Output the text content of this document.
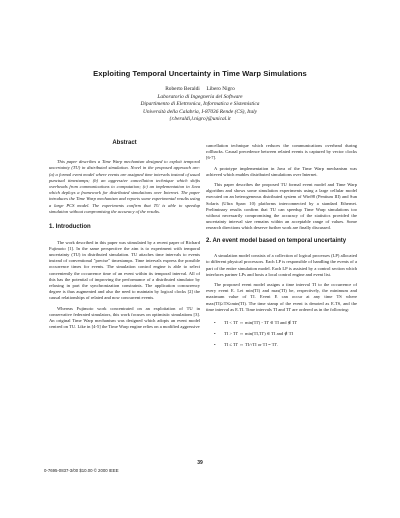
Exploiting Temporal Uncertainty in Time Warp Simulations
Roberto Beraldi     Libero Nigro
Laboratorio di Ingegneria del Software
Dipartimento di Elettronica, Informatica e Sistemistica
Università della Calabria, I-87036 Rende (CS), Italy
{r.beraldi,l.nigro}@unical.it
Abstract

This paper describes a Time Warp mechanism designed to exploit temporal uncertainty (TU) in distributed simulation. Novel in the proposed approach are: (a) a formal event model where events are assigned time intervals instead of usual punctual timestamps; (b) an aggressive cancellation technique which shifts overheads from communications to computation; (c) an implementation in Java which deploys a framework for distributed simulations over Internet. The paper introduces the Time Warp mechanism and reports some experimental results using a large PCS model. The experiments confirm that TU is able to speedup simulation without compromising the accuracy of the results.

1. Introduction

The work described in this paper was stimulated by a recent paper of Richard Fujimoto [1]. In the same perspective the aim is to experiment with temporal uncertainty (TU) in distributed simulation. TU attaches time intervals to events instead of conventional "precise" timestamps. Time intervals express the possible occurrence times for events. The simulation control engine is able to select conveniently the occurrence time of an event within its temporal interval. All of this has the potential of improving the performance of a distributed simulator by relaxing in part the synchronization constraints. The application concurrency degree is thus augmented and also the need to maintain by logical clocks [2] the causal relationships of related and now concurrent events.

Whereas Fujimoto work concentrated on an exploitation of TU in conservative federated simulators, this work focuses on optimistic simulations [3]. An original Time Warp mechanism was designed which adopts an event model centred on TU. Like in [4-5] the Time Warp engine relies on a modified aggressive

cancellation technique which reduces the communications overhead during rollbacks. Causal precedence between related events is captured by vector clocks [6-7].

A prototype implementation in Java of the Time Warp mechanism was achieved which enables distributed simulations over Internet.

This paper describes the proposed TU formal event model and Time Warp algorithm and shows some simulation experiments using a large cellular model executed on an heterogeneous distributed system of Win98 (Pentium III) and Sun Solaris (Ultra Sparc 10) platforms interconnected by a standard Ethernet. Preliminary results confirm that TU can speedup Time Warp simulations too without necessarily compromising the accuracy of the statistics provided the uncertainty interval size remains within an acceptable range of values. Some research directions which deserve further work are finally discussed.

2. An event model based on temporal uncertainty

A simulation model consists of a collection of logical processes (LP) allocated to different physical processors. Each LP is responsible of handling the events of a part of the entire simulation model. Each LP is assisted by a control section which interfaces partner LPs and hosts a local control engine and event list.

The proposed event model assigns a time interval TI to the occurrence of every event E. Let min(TI) and max(TI) be, respectively, the minimum and maximum value of TI. Event E can occur at any time TS where max(TI)≥TS≥min(TI). The time stamp of the event is denoted as E.TS, and the time interval as E.TI. Time intervals TI and TI' are ordered as in the following:

• TI < TI' ⇔ min(TI') - TI' ∈ TI and ∉ TI'
• TI > TI' ⇔ min(TI,TI') ∈ TI and ∉ TI
• TI ≤ TI' ⇔ TI∩TI or TI = TI'.
39
0-7695-0837-3/00 $10.00 © 2000 IEEE
